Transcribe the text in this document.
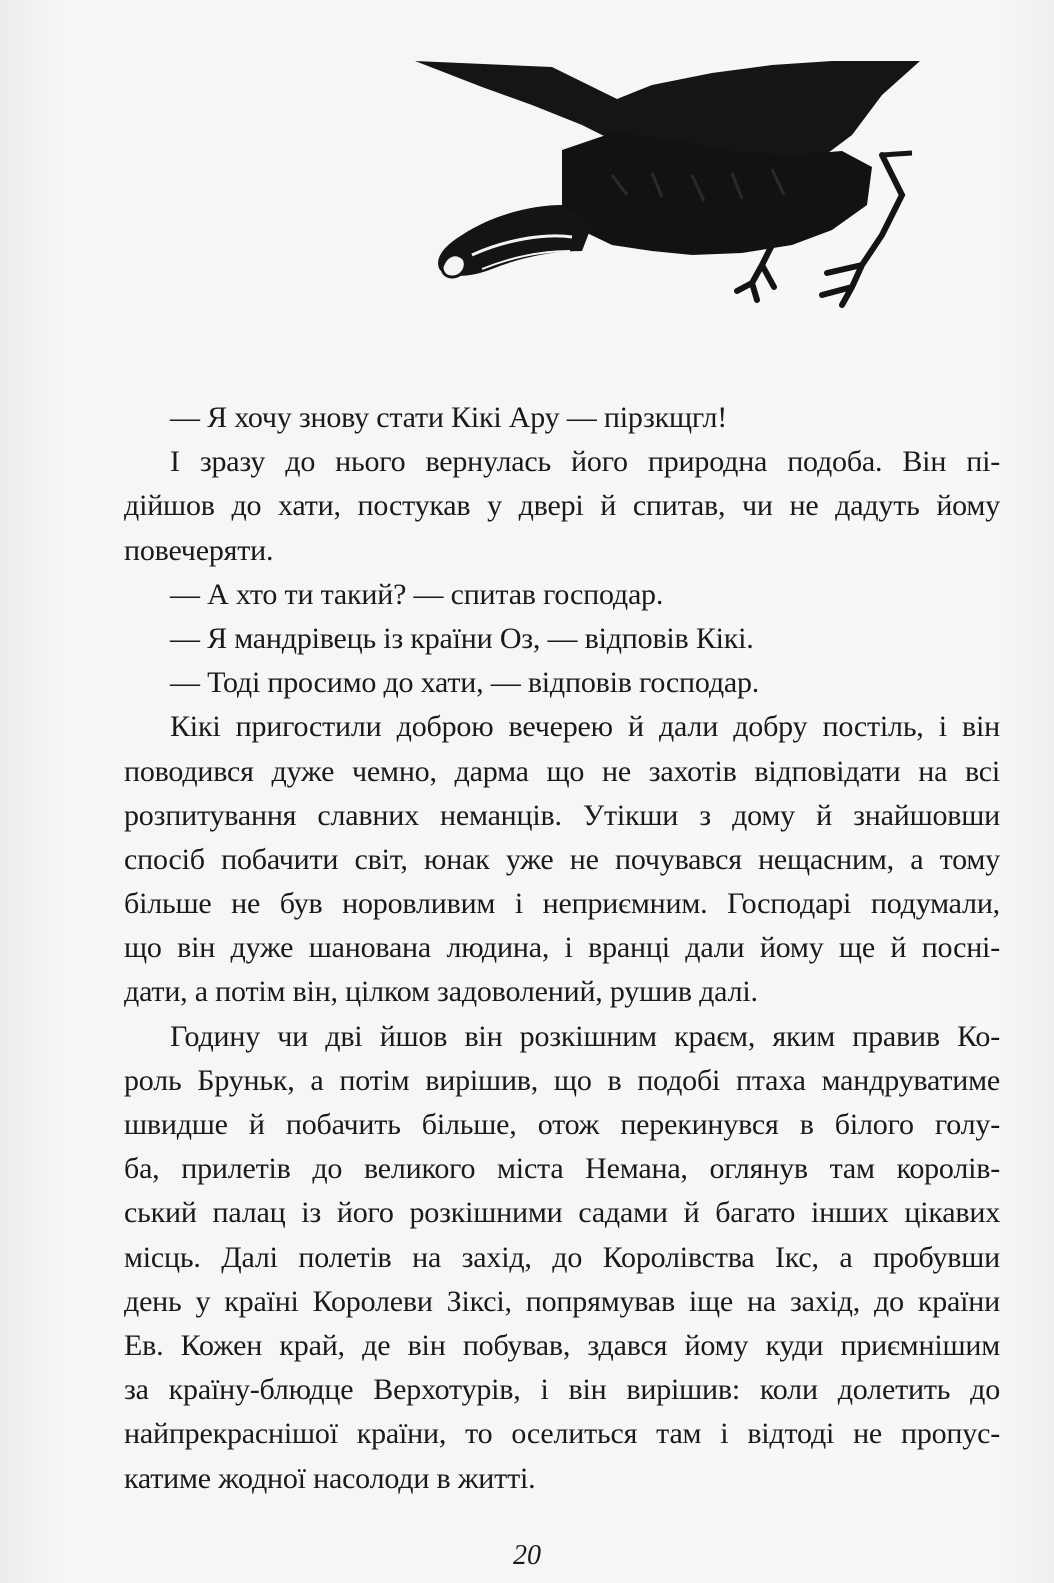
— Я хочу знову стати Кікі Ару — пірзкщгл!
І зразу до нього вернулась його природна подоба. Він пі-
дійшов до хати, постукав у двері й спитав, чи не дадуть йому
повечеряти.
— А хто ти такий? — спитав господар.
— Я мандрівець із країни Оз, — відповів Кікі.
— Тоді просимо до хати, — відповів господар.
Кікі пригостили доброю вечерею й дали добру постіль, і він
поводився дуже чемно, дарма що не захотів відповідати на всі
розпитування славних неманців. Утікши з дому й знайшовши
спосіб побачити світ, юнак уже не почувався нещасним, а тому
більше не був норовливим і неприємним. Господарі подумали,
що він дуже шанована людина, і вранці дали йому ще й посні-
дати, а потім він, цілком задоволений, рушив далі.
Годину чи дві йшов він розкішним краєм, яким правив Ко-
роль Бруньк, а потім вирішив, що в подобі птаха мандруватиме
швидше й побачить більше, отож перекинувся в білого голу-
ба, прилетів до великого міста Немана, оглянув там королів-
ський палац із його розкішними садами й багато інших цікавих
місць. Далі полетів на захід, до Королівства Ікс, а пробувши
день у країні Королеви Зіксі, попрямував іще на захід, до країни
Ев. Кожен край, де він побував, здався йому куди приємнішим
за країну-блюдце Верхотурів, і він вирішив: коли долетить до
найпрекраснішої країни, то оселиться там і відтоді не пропус-
катиме жодної насолоди в житті.
20
